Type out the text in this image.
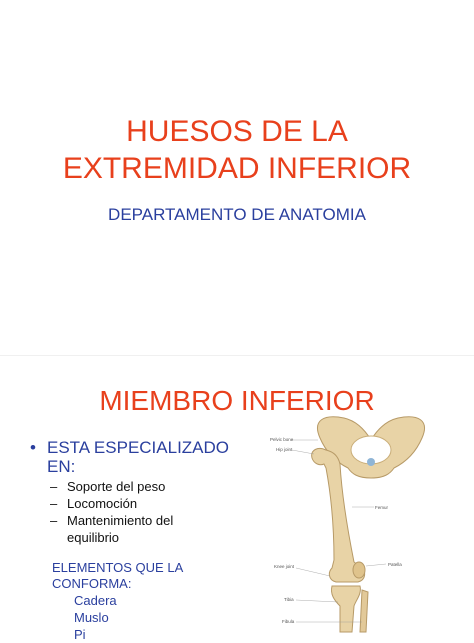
HUESOS DE LA
EXTREMIDAD INFERIOR
DEPARTAMENTO DE ANATOMIA
MIEMBRO INFERIOR
• ESTA ESPECIALIZADO
EN:
– Soporte del peso
– Locomoción
– Mantenimiento del
equilibrio
ELEMENTOS QUE LA
CONFORMA:
Cadera
Muslo
Pi
Pelvic bone
Hip joint
Femur
Patella
Knee joint
Tibia
Fibula
